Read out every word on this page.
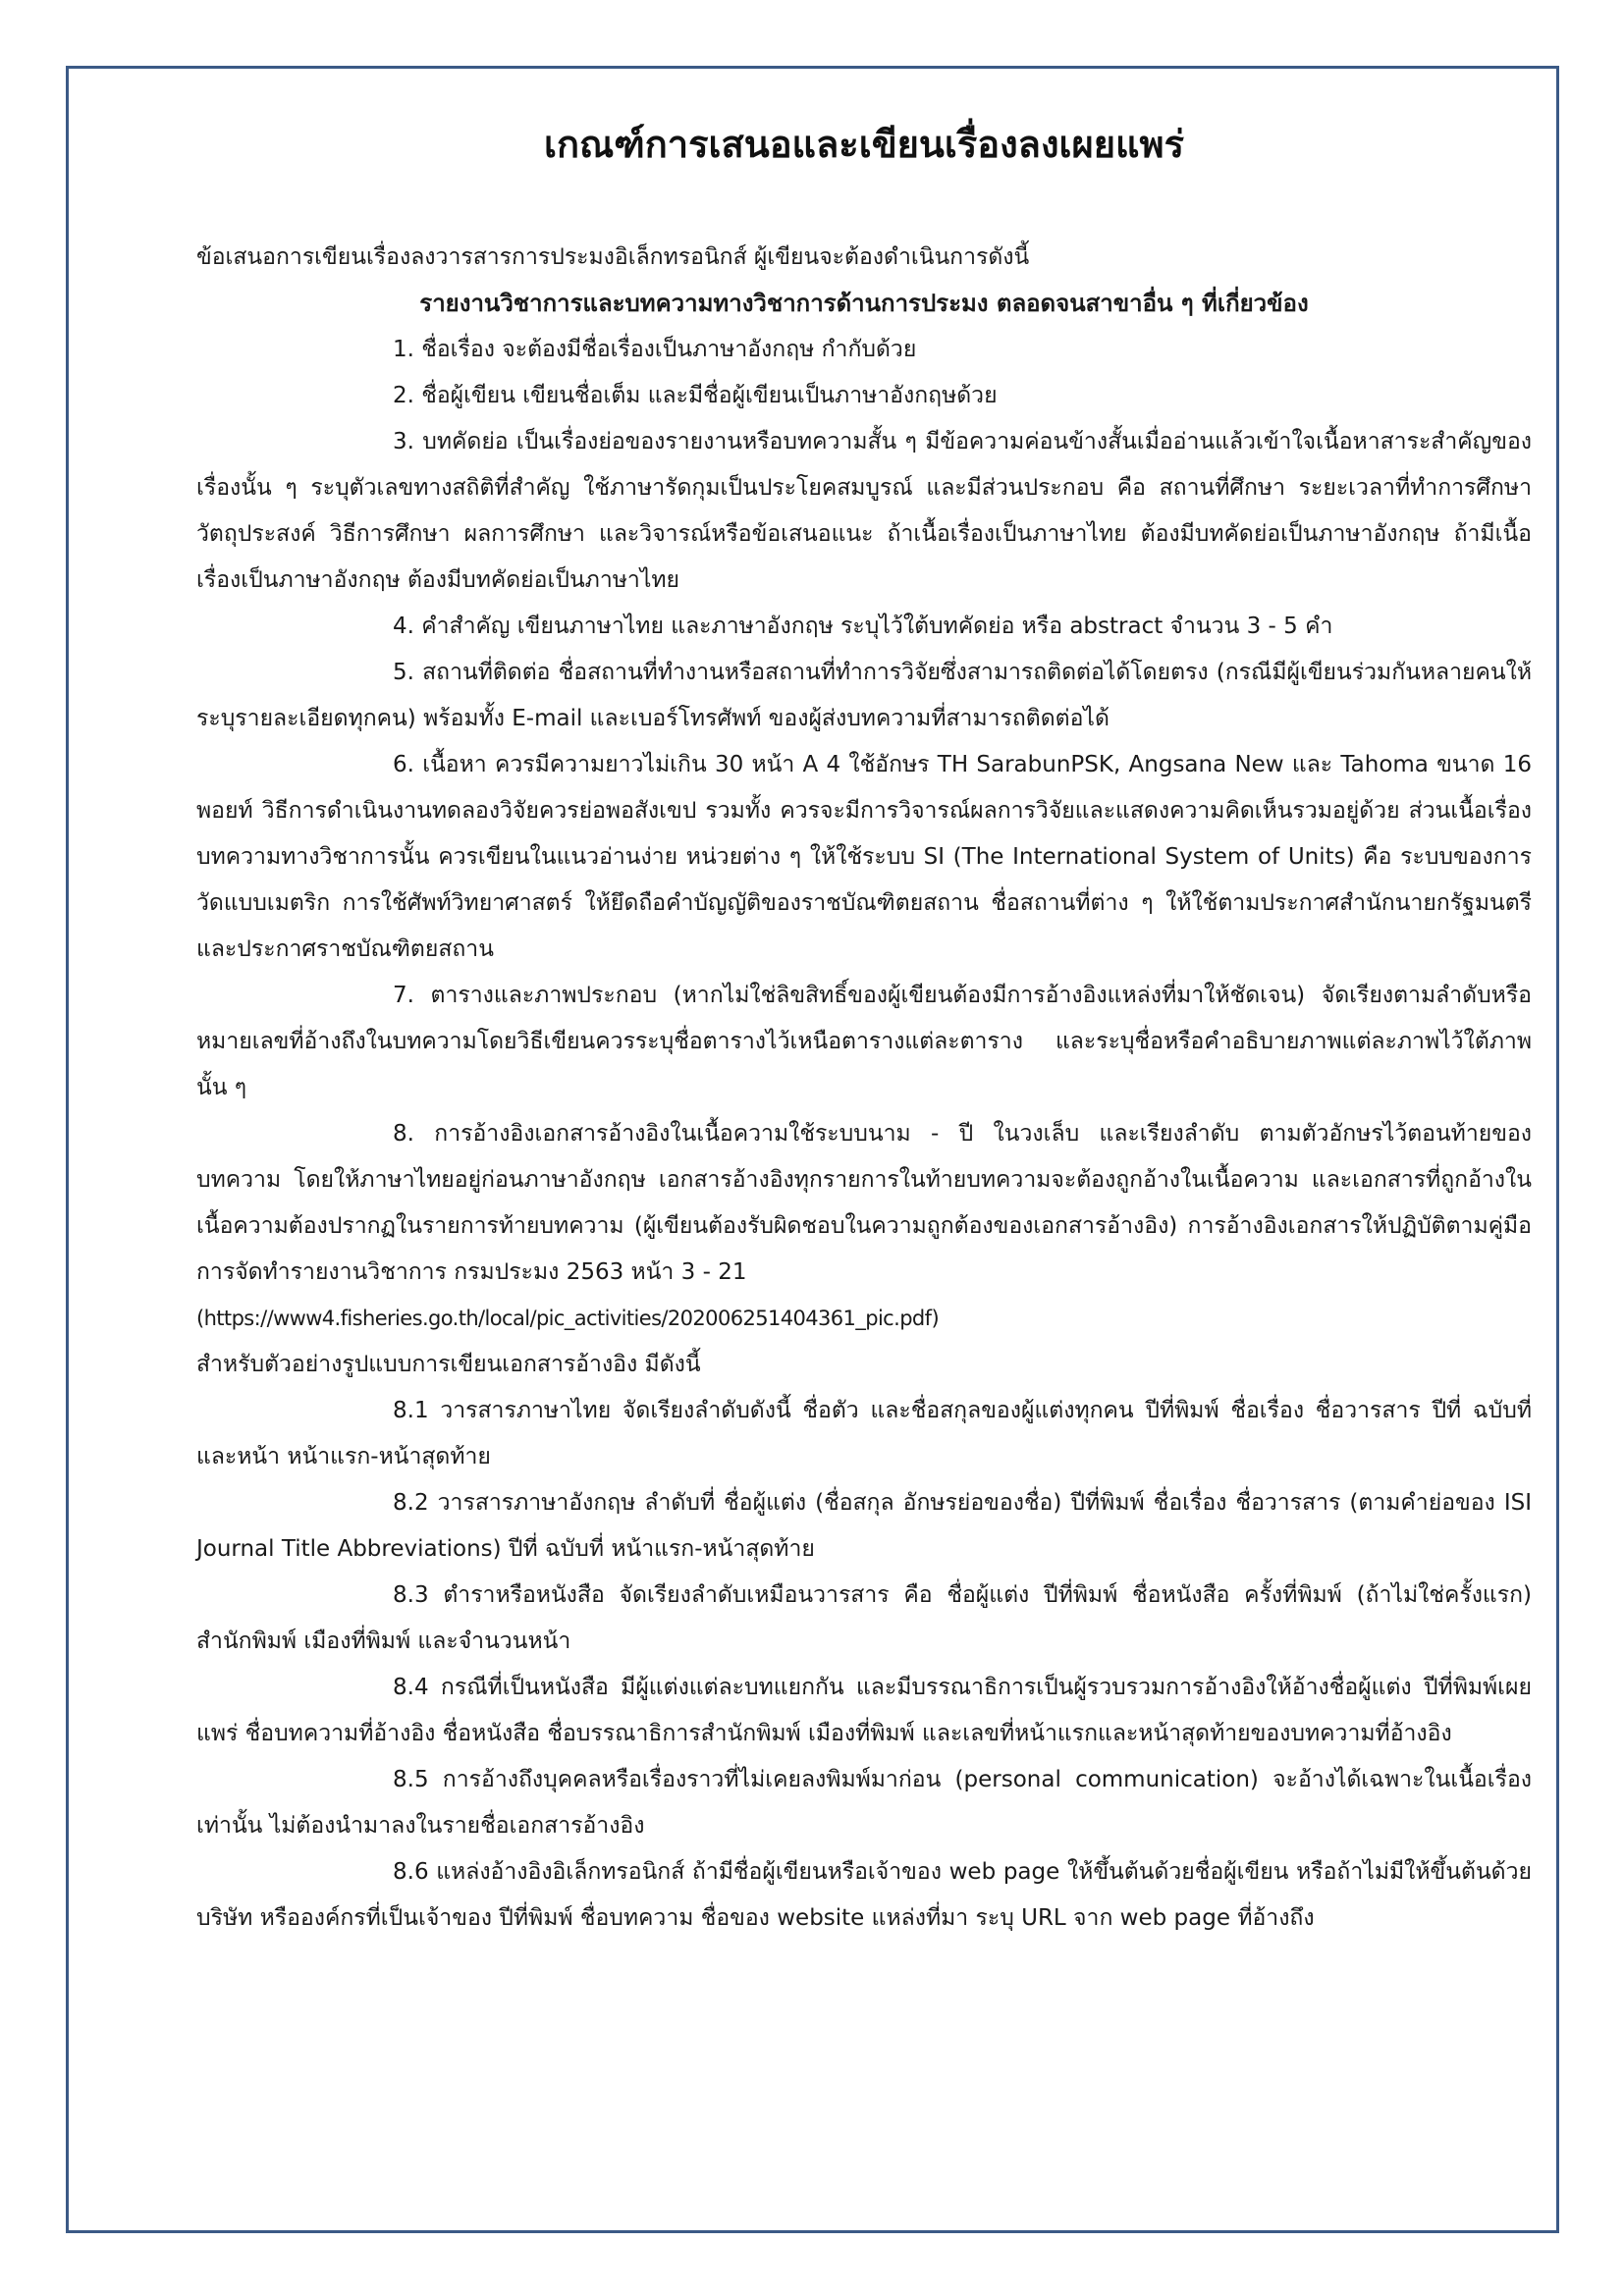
เกณฑ์การเสนอและเขียนเรื่องลงเผยแพร่

ข้อเสนอการเขียนเรื่องลงวารสารการประมงอิเล็กทรอนิกส์ ผู้เขียนจะต้องดำเนินการดังนี้

รายงานวิชาการและบทความทางวิชาการด้านการประมง ตลอดจนสาขาอื่น ๆ ที่เกี่ยวข้อง

1. ชื่อเรื่อง จะต้องมีชื่อเรื่องเป็นภาษาอังกฤษ กำกับด้วย

2. ชื่อผู้เขียน เขียนชื่อเต็ม และมีชื่อผู้เขียนเป็นภาษาอังกฤษด้วย

3. บทคัดย่อ เป็นเรื่องย่อของรายงานหรือบทความสั้น ๆ มีข้อความค่อนข้างสั้นเมื่ออ่านแล้วเข้าใจเนื้อหาสาระสำคัญของเรื่องนั้น ๆ ระบุตัวเลขทางสถิติที่สำคัญ ใช้ภาษารัดกุมเป็นประโยคสมบูรณ์ และมีส่วนประกอบ คือ สถานที่ศึกษา ระยะเวลาที่ทำการศึกษา วัตถุประสงค์ วิธีการศึกษา ผลการศึกษา และวิจารณ์หรือข้อเสนอแนะ ถ้าเนื้อเรื่องเป็นภาษาไทย ต้องมีบทคัดย่อเป็นภาษาอังกฤษ ถ้ามีเนื้อเรื่องเป็นภาษาอังกฤษ ต้องมีบทคัดย่อเป็นภาษาไทย

4. คำสำคัญ เขียนภาษาไทย และภาษาอังกฤษ ระบุไว้ใต้บทคัดย่อ หรือ abstract จำนวน 3 - 5 คำ

5. สถานที่ติดต่อ ชื่อสถานที่ทำงานหรือสถานที่ทำการวิจัยซึ่งสามารถติดต่อได้โดยตรง (กรณีมีผู้เขียนร่วมกันหลายคนให้ระบุรายละเอียดทุกคน) พร้อมทั้ง E-mail และเบอร์โทรศัพท์ ของผู้ส่งบทความที่สามารถติดต่อได้

6. เนื้อหา ควรมีความยาวไม่เกิน 30 หน้า A 4 ใช้อักษร TH SarabunPSK, Angsana New และ Tahoma ขนาด 16 พอยท์ วิธีการดำเนินงานทดลองวิจัยควรย่อพอสังเขป รวมทั้ง ควรจะมีการวิจารณ์ผลการวิจัยและแสดงความคิดเห็นรวมอยู่ด้วย ส่วนเนื้อเรื่องบทความทางวิชาการนั้น ควรเขียนในแนวอ่านง่าย หน่วยต่าง ๆ ให้ใช้ระบบ SI (The International System of Units) คือ ระบบของการวัดแบบเมตริก การใช้ศัพท์วิทยาศาสตร์ ให้ยึดถือคำบัญญัติของราชบัณฑิตยสถาน ชื่อสถานที่ต่าง ๆ ให้ใช้ตามประกาศสำนักนายกรัฐมนตรีและประกาศราชบัณฑิตยสถาน

7. ตารางและภาพประกอบ (หากไม่ใช่ลิขสิทธิ์ของผู้เขียนต้องมีการอ้างอิงแหล่งที่มาให้ชัดเจน) จัดเรียงตามลำดับหรือหมายเลขที่อ้างถึงในบทความโดยวิธีเขียนควรระบุชื่อตารางไว้เหนือตารางแต่ละตาราง และระบุชื่อหรือคำอธิบายภาพแต่ละภาพไว้ใต้ภาพนั้น ๆ

8. การอ้างอิงเอกสารอ้างอิงในเนื้อความใช้ระบบนาม - ปี ในวงเล็บ และเรียงลำดับ ตามตัวอักษรไว้ตอนท้ายของบทความ โดยให้ภาษาไทยอยู่ก่อนภาษาอังกฤษ เอกสารอ้างอิงทุกรายการในท้ายบทความจะต้องถูกอ้างในเนื้อความ และเอกสารที่ถูกอ้างในเนื้อความต้องปรากฏในรายการท้ายบทความ (ผู้เขียนต้องรับผิดชอบในความถูกต้องของเอกสารอ้างอิง) การอ้างอิงเอกสารให้ปฏิบัติตามคู่มือการจัดทำรายงานวิชาการ กรมประมง 2563 หน้า 3 - 21

(https://www4.fisheries.go.th/local/pic_activities/202006251404361_pic.pdf)

สำหรับตัวอย่างรูปแบบการเขียนเอกสารอ้างอิง มีดังนี้

8.1 วารสารภาษาไทย จัดเรียงลำดับดังนี้ ชื่อตัว และชื่อสกุลของผู้แต่งทุกคน ปีที่พิมพ์ ชื่อเรื่อง ชื่อวารสาร ปีที่ ฉบับที่ และหน้า หน้าแรก-หน้าสุดท้าย

8.2 วารสารภาษาอังกฤษ ลำดับที่ ชื่อผู้แต่ง (ชื่อสกุล อักษรย่อของชื่อ) ปีที่พิมพ์ ชื่อเรื่อง ชื่อวารสาร (ตามคำย่อของ ISI Journal Title Abbreviations) ปีที่ ฉบับที่ หน้าแรก-หน้าสุดท้าย

8.3 ตำราหรือหนังสือ จัดเรียงลำดับเหมือนวารสาร คือ ชื่อผู้แต่ง ปีที่พิมพ์ ชื่อหนังสือ ครั้งที่พิมพ์ (ถ้าไม่ใช่ครั้งแรก) สำนักพิมพ์ เมืองที่พิมพ์ และจำนวนหน้า

8.4 กรณีที่เป็นหนังสือ มีผู้แต่งแต่ละบทแยกกัน และมีบรรณาธิการเป็นผู้รวบรวมการอ้างอิงให้อ้างชื่อผู้แต่ง ปีที่พิมพ์เผยแพร่ ชื่อบทความที่อ้างอิง ชื่อหนังสือ ชื่อบรรณาธิการสำนักพิมพ์ เมืองที่พิมพ์ และเลขที่หน้าแรกและหน้าสุดท้ายของบทความที่อ้างอิง

8.5 การอ้างถึงบุคคลหรือเรื่องราวที่ไม่เคยลงพิมพ์มาก่อน (personal communication) จะอ้างได้เฉพาะในเนื้อเรื่องเท่านั้น ไม่ต้องนำมาลงในรายชื่อเอกสารอ้างอิง

8.6 แหล่งอ้างอิงอิเล็กทรอนิกส์ ถ้ามีชื่อผู้เขียนหรือเจ้าของ web page ให้ขึ้นต้นด้วยชื่อผู้เขียน หรือถ้าไม่มีให้ขึ้นต้นด้วยบริษัท หรือองค์กรที่เป็นเจ้าของ ปีที่พิมพ์ ชื่อบทความ ชื่อของ website แหล่งที่มา ระบุ URL จาก web page ที่อ้างถึง
